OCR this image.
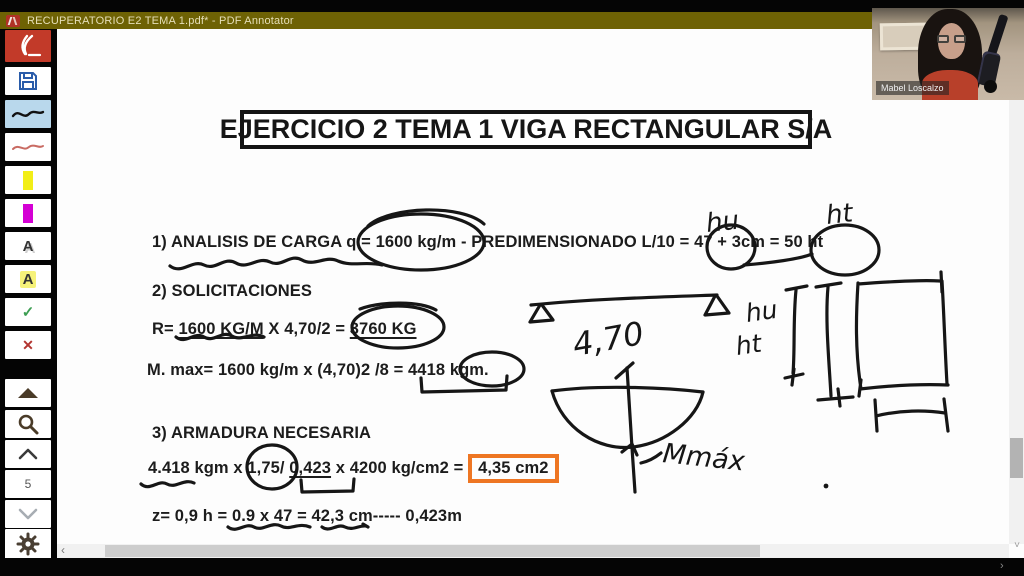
RECUPERATORIO E2 TEMA 1.pdf* - PDF Annotator
EJERCICIO 2 TEMA 1 VIGA RECTANGULAR S/A
1) ANALISIS DE CARGA q = 1600 kg/m - PREDIMENSIONADO L/10 = 47 + 3cm = 50 ht
2) SOLICITACIONES
R= 1600 KG/M X 4,70/2 = 3760 KG
M. max= 1600 kg/m x (4,70)2 /8 = 4418 kgm.
3) ARMADURA NECESARIA
4.418 kgm x 1,75/ 0,423 x 4200 kg/cm2 = 4,35 cm2
z= 0,9 h = 0.9 x 47 = 42,3 cm----- 0,423m
hu	ht
4,70
hu
ht
Mmáx
A
A
✓
✕
5
˅
‹
›
Mabel Loscalzo
